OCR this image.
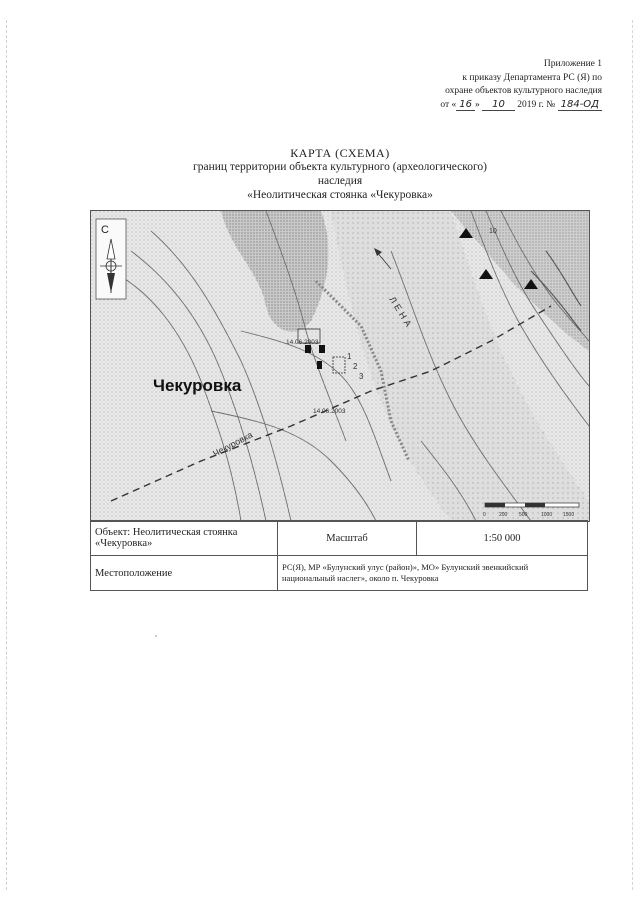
Приложение 1
к приказу Департамента РС (Я) по
охране объектов культурного наследия
от « 16 » 10 2019 г. № 184-ОД
КАРТА (СХЕМА)
границ территории объекта культурного (археологического)
наследия
«Неолитическая стоянка «Чекуровка»
С
14.06.2003
14.06.2003
1
2
3
Чекуровка
Чекуровка
ЛЕНА
10
0	200 500	1000 1500
Объект: Неолитическая стоянка «Чекуровка»	Масштаб	1:50 000
Местоположение	РС(Я), МР «Булунский улус (район)», МО» Булунский эвенкийский национальный наслег», около п. Чекуровка	
